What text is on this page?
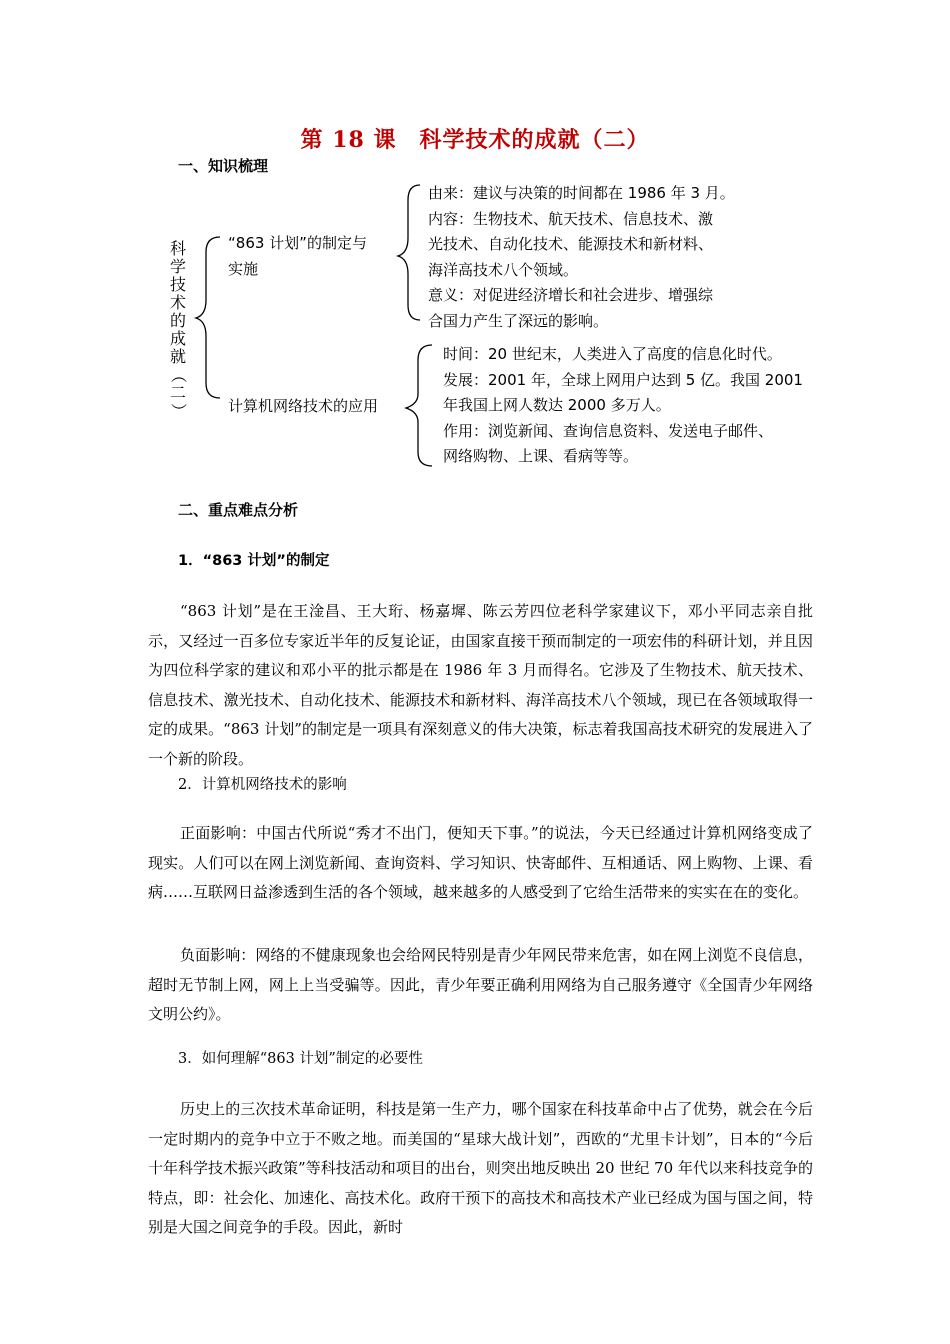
第 18 课　科学技术的成就（二）
一、知识梳理
科
学
技
术
的
成
就
（
二
）
“863 计划”的制定与
实施
由来：建议与决策的时间都在 1986 年 3 月。
内容：生物技术、航天技术、信息技术、激
光技术、自动化技术、能源技术和新材料、
海洋高技术八个领域。
意义：对促进经济增长和社会进步、增强综
合国力产生了深远的影响。
计算机网络技术的应用
时间：20 世纪末，人类进入了高度的信息化时代。
发展：2001 年，全球上网用户达到 5 亿。我国 2001
年我国上网人数达 2000 多万人。
作用：浏览新闻、查询信息资料、发送电子邮件、
网络购物、上课、看病等等。
二、重点难点分析
1．“863 计划”的制定
“863 计划”是在王淦昌、王大珩、杨嘉墀、陈云芳四位老科学家建议下，邓小平同志亲自批示，又经过一百多位专家近半年的反复论证，由国家直接干预而制定的一项宏伟的科研计划，并且因为四位科学家的建议和邓小平的批示都是在 1986 年 3 月而得名。它涉及了生物技术、航天技术、信息技术、激光技术、自动化技术、能源技术和新材料、海洋高技术八个领域，现已在各领域取得一定的成果。“863 计划”的制定是一项具有深刻意义的伟大决策，标志着我国高技术研究的发展进入了一个新的阶段。
2．计算机网络技术的影响
正面影响：中国古代所说“秀才不出门，便知天下事。”的说法，今天已经通过计算机网络变成了现实。人们可以在网上浏览新闻、查询资料、学习知识、快寄邮件、互相通话、网上购物、上课、看病……互联网日益渗透到生活的各个领域，越来越多的人感受到了它给生活带来的实实在在的变化。
负面影响：网络的不健康现象也会给网民特别是青少年网民带来危害，如在网上浏览不良信息，超时无节制上网，网上上当受骗等。因此，青少年要正确利用网络为自己服务遵守《全国青少年网络文明公约》。
3．如何理解“863 计划”制定的必要性
历史上的三次技术革命证明，科技是第一生产力，哪个国家在科技革命中占了优势，就会在今后一定时期内的竞争中立于不败之地。而美国的“星球大战计划”，西欧的“尤里卡计划”，日本的“今后十年科学技术振兴政策”等科技活动和项目的出台，则突出地反映出 20 世纪 70 年代以来科技竞争的特点，即：社会化、加速化、高技术化。政府干预下的高技术和高技术产业已经成为国与国之间，特别是大国之间竞争的手段。因此，新时
